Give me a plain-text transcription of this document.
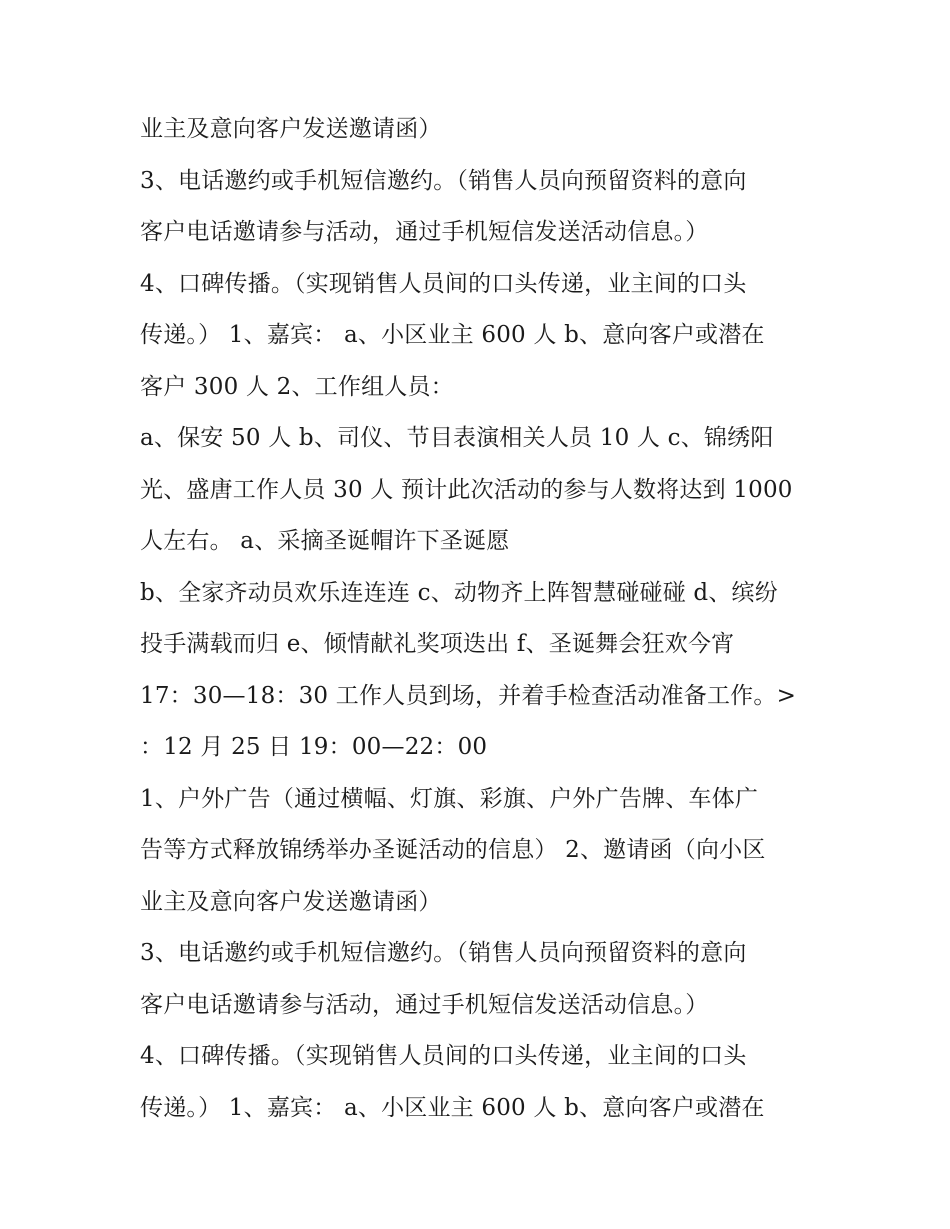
业主及意向客户发送邀请函）
3、电话邀约或手机短信邀约。（销售人员向预留资料的意向
客户电话邀请参与活动，通过手机短信发送活动信息。）
4、口碑传播。（实现销售人员间的口头传递，业主间的口头
传递。） 1、嘉宾： a、小区业主 600 人 b、意向客户或潜在
客户 300 人 2、工作组人员：
a、保安 50 人 b、司仪、节目表演相关人员 10 人 c、锦绣阳
光、盛唐工作人员 30 人 预计此次活动的参与人数将达到 1000
人左右。 a、采摘圣诞帽许下圣诞愿
b、全家齐动员欢乐连连连 c、动物齐上阵智慧碰碰碰 d、缤纷
投手满载而归 e、倾情献礼奖项迭出 f、圣诞舞会狂欢今宵
17：30—18：30 工作人员到场，并着手检查活动准备工作。>
：12 月 25 日 19：00—22：00
1、户外广告（通过横幅、灯旗、彩旗、户外广告牌、车体广
告等方式释放锦绣举办圣诞活动的信息） 2、邀请函（向小区
业主及意向客户发送邀请函）
3、电话邀约或手机短信邀约。（销售人员向预留资料的意向
客户电话邀请参与活动，通过手机短信发送活动信息。）
4、口碑传播。（实现销售人员间的口头传递，业主间的口头
传递。） 1、嘉宾： a、小区业主 600 人 b、意向客户或潜在
